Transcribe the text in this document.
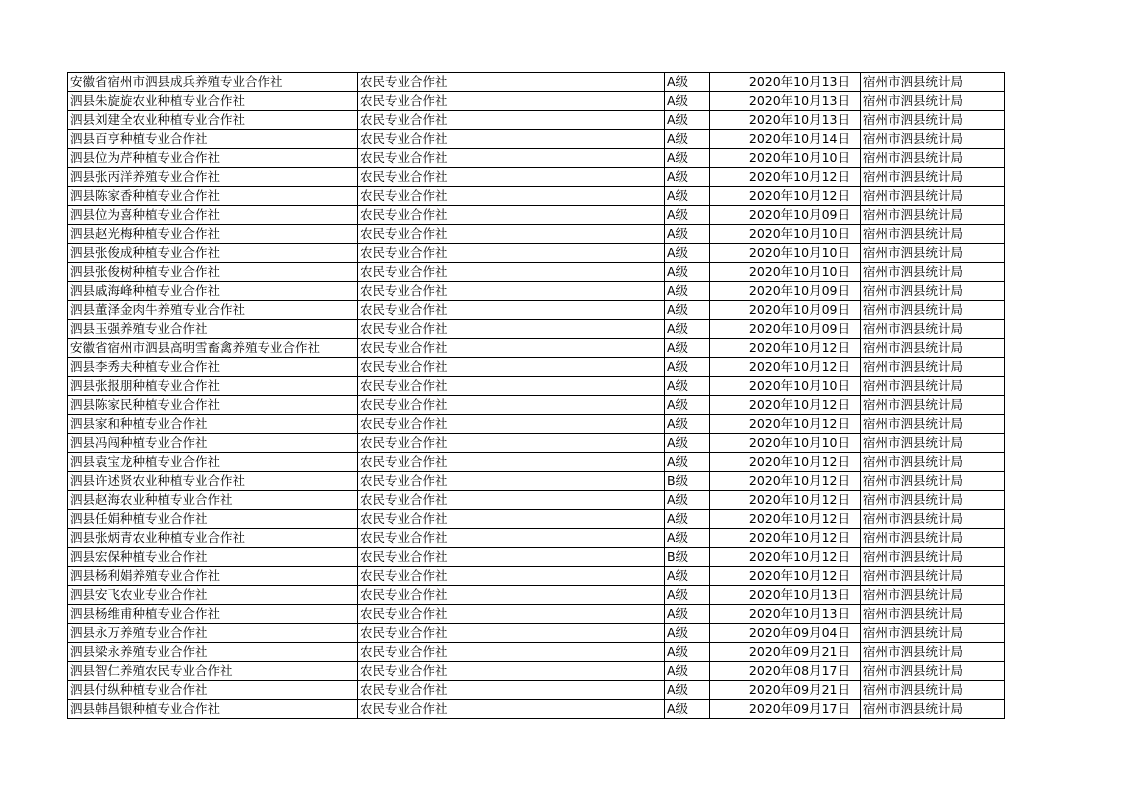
安徽省宿州市泗县成兵养殖专业合作社	农民专业合作社	A级	2020年10月13日	宿州市泗县统计局
泗县朱旋旋农业种植专业合作社	农民专业合作社	A级	2020年10月13日	宿州市泗县统计局
泗县刘建全农业种植专业合作社	农民专业合作社	A级	2020年10月13日	宿州市泗县统计局
泗县百亨种植专业合作社	农民专业合作社	A级	2020年10月14日	宿州市泗县统计局
泗县位为芹种植专业合作社	农民专业合作社	A级	2020年10月10日	宿州市泗县统计局
泗县张丙洋养殖专业合作社	农民专业合作社	A级	2020年10月12日	宿州市泗县统计局
泗县陈家香种植专业合作社	农民专业合作社	A级	2020年10月12日	宿州市泗县统计局
泗县位为喜种植专业合作社	农民专业合作社	A级	2020年10月09日	宿州市泗县统计局
泗县赵光梅种植专业合作社	农民专业合作社	A级	2020年10月10日	宿州市泗县统计局
泗县张俊成种植专业合作社	农民专业合作社	A级	2020年10月10日	宿州市泗县统计局
泗县张俊树种植专业合作社	农民专业合作社	A级	2020年10月10日	宿州市泗县统计局
泗县戚海峰种植专业合作社	农民专业合作社	A级	2020年10月09日	宿州市泗县统计局
泗县董泽金肉牛养殖专业合作社	农民专业合作社	A级	2020年10月09日	宿州市泗县统计局
泗县玉强养殖专业合作社	农民专业合作社	A级	2020年10月09日	宿州市泗县统计局
安徽省宿州市泗县高明雪畜禽养殖专业合作社	农民专业合作社	A级	2020年10月12日	宿州市泗县统计局
泗县李秀夫种植专业合作社	农民专业合作社	A级	2020年10月12日	宿州市泗县统计局
泗县张报朋种植专业合作社	农民专业合作社	A级	2020年10月10日	宿州市泗县统计局
泗县陈家民种植专业合作社	农民专业合作社	A级	2020年10月12日	宿州市泗县统计局
泗县家和种植专业合作社	农民专业合作社	A级	2020年10月12日	宿州市泗县统计局
泗县冯闯种植专业合作社	农民专业合作社	A级	2020年10月10日	宿州市泗县统计局
泗县袁宝龙种植专业合作社	农民专业合作社	A级	2020年10月12日	宿州市泗县统计局
泗县许述贤农业种植专业合作社	农民专业合作社	B级	2020年10月12日	宿州市泗县统计局
泗县赵海农业种植专业合作社	农民专业合作社	A级	2020年10月12日	宿州市泗县统计局
泗县任娟种植专业合作社	农民专业合作社	A级	2020年10月12日	宿州市泗县统计局
泗县张炳青农业种植专业合作社	农民专业合作社	A级	2020年10月12日	宿州市泗县统计局
泗县宏保种植专业合作社	农民专业合作社	B级	2020年10月12日	宿州市泗县统计局
泗县杨利娟养殖专业合作社	农民专业合作社	A级	2020年10月12日	宿州市泗县统计局
泗县安飞农业专业合作社	农民专业合作社	A级	2020年10月13日	宿州市泗县统计局
泗县杨维甫种植专业合作社	农民专业合作社	A级	2020年10月13日	宿州市泗县统计局
泗县永万养殖专业合作社	农民专业合作社	A级	2020年09月04日	宿州市泗县统计局
泗县梁永养殖专业合作社	农民专业合作社	A级	2020年09月21日	宿州市泗县统计局
泗县智仁养殖农民专业合作社	农民专业合作社	A级	2020年08月17日	宿州市泗县统计局
泗县付纵种植专业合作社	农民专业合作社	A级	2020年09月21日	宿州市泗县统计局
泗县韩昌银种植专业合作社	农民专业合作社	A级	2020年09月17日	宿州市泗县统计局
